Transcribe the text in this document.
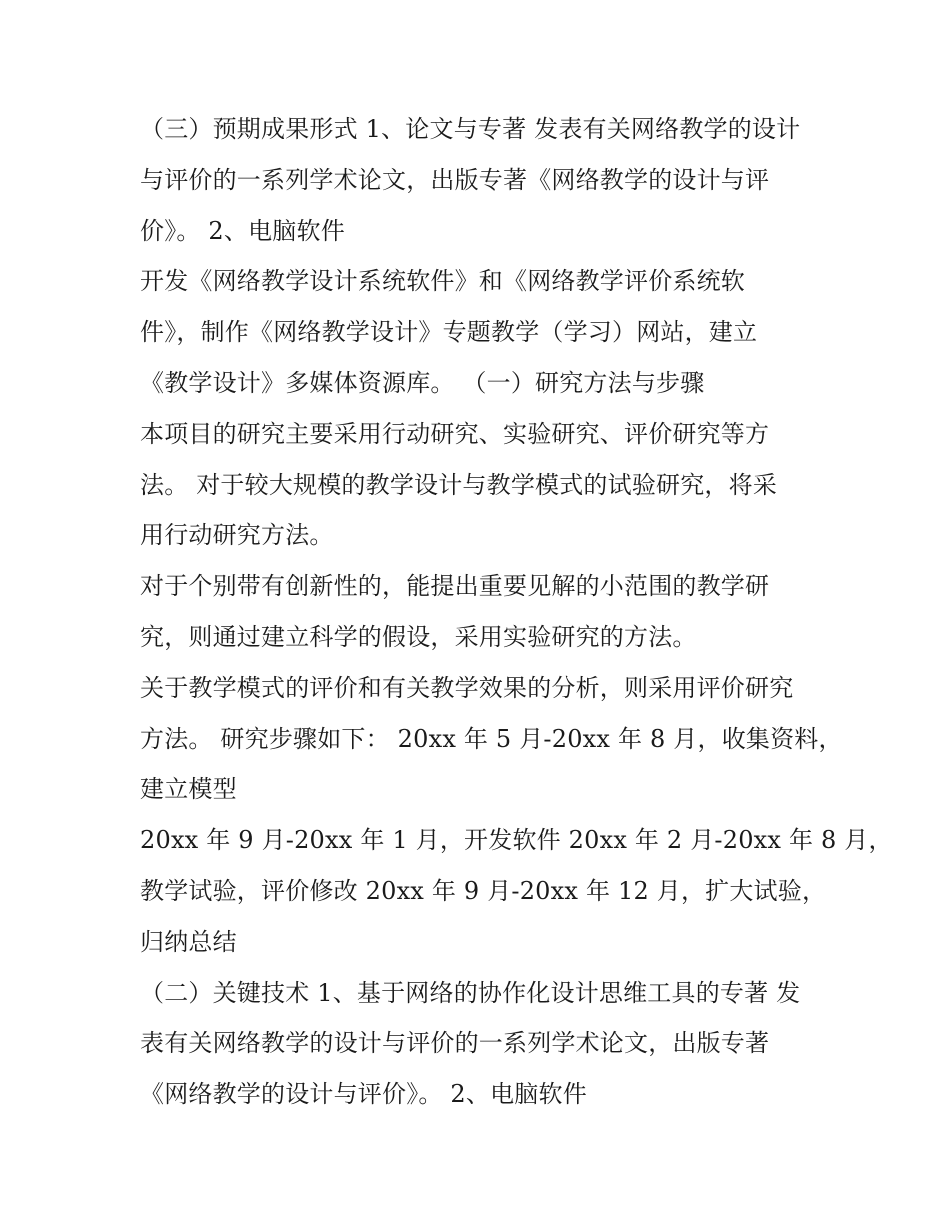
（三）预期成果形式 1、论文与专著 发表有关网络教学的设计
与评价的一系列学术论文，出版专著《网络教学的设计与评
价》。 2、电脑软件
开发《网络教学设计系统软件》和《网络教学评价系统软
件》，制作《网络教学设计》专题教学（学习）网站，建立
《教学设计》多媒体资源库。 （一）研究方法与步骤
本项目的研究主要采用行动研究、实验研究、评价研究等方
法。 对于较大规模的教学设计与教学模式的试验研究，将采
用行动研究方法。
对于个别带有创新性的，能提出重要见解的小范围的教学研
究，则通过建立科学的假设，采用实验研究的方法。
关于教学模式的评价和有关教学效果的分析，则采用评价研究
方法。 研究步骤如下： 20xx 年 5 月-20xx 年 8 月，收集资料，
建立模型
20xx 年 9 月-20xx 年 1 月，开发软件 20xx 年 2 月-20xx 年 8 月，
教学试验，评价修改 20xx 年 9 月-20xx 年 12 月，扩大试验，
归纳总结
（二）关键技术 1、基于网络的协作化设计思维工具的专著 发
表有关网络教学的设计与评价的一系列学术论文，出版专著
《网络教学的设计与评价》。 2、电脑软件
